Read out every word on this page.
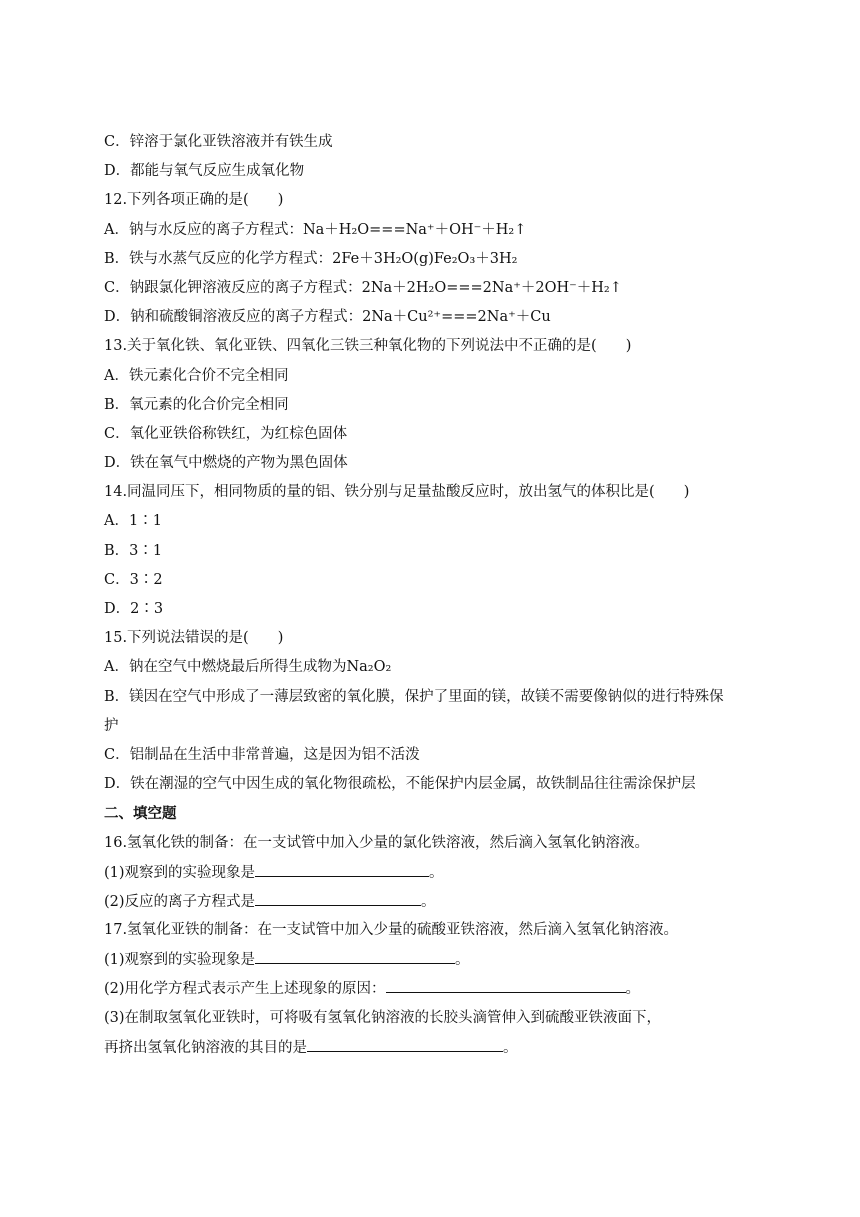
C．锌溶于氯化亚铁溶液并有铁生成
D．都能与氧气反应生成氧化物
12.下列各项正确的是(　　)
A．钠与水反应的离子方程式：Na＋H₂O===Na⁺＋OH⁻＋H₂↑
B．铁与水蒸气反应的化学方程式：2Fe＋3H₂O(g)Fe₂O₃＋3H₂
C．钠跟氯化钾溶液反应的离子方程式：2Na＋2H₂O===2Na⁺＋2OH⁻＋H₂↑
D．钠和硫酸铜溶液反应的离子方程式：2Na＋Cu²⁺===2Na⁺＋Cu
13.关于氧化铁、氧化亚铁、四氧化三铁三种氧化物的下列说法中不正确的是(　　)
A．铁元素化合价不完全相同
B．氧元素的化合价完全相同
C．氧化亚铁俗称铁红，为红棕色固体
D．铁在氧气中燃烧的产物为黑色固体
14.同温同压下，相同物质的量的铝、铁分别与足量盐酸反应时，放出氢气的体积比是(　　)
A．1∶1
B．3∶1
C．3∶2
D．2∶3
15.下列说法错误的是(　　)
A．钠在空气中燃烧最后所得生成物为Na₂O₂
B．镁因在空气中形成了一薄层致密的氧化膜，保护了里面的镁，故镁不需要像钠似的进行特殊保
护
C．铝制品在生活中非常普遍，这是因为铝不活泼
D．铁在潮湿的空气中因生成的氧化物很疏松，不能保护内层金属，故铁制品往往需涂保护层
二、填空题
16.氢氧化铁的制备：在一支试管中加入少量的氯化铁溶液，然后滴入氢氧化钠溶液。
(1)观察到的实验现象是	。
(2)反应的离子方程式是	。
17.氢氧化亚铁的制备：在一支试管中加入少量的硫酸亚铁溶液，然后滴入氢氧化钠溶液。
(1)观察到的实验现象是	。
(2)用化学方程式表示产生上述现象的原因：	。
(3)在制取氢氧化亚铁时，可将吸有氢氧化钠溶液的长胶头滴管伸入到硫酸亚铁液面下，
再挤出氢氧化钠溶液的其目的是	。
